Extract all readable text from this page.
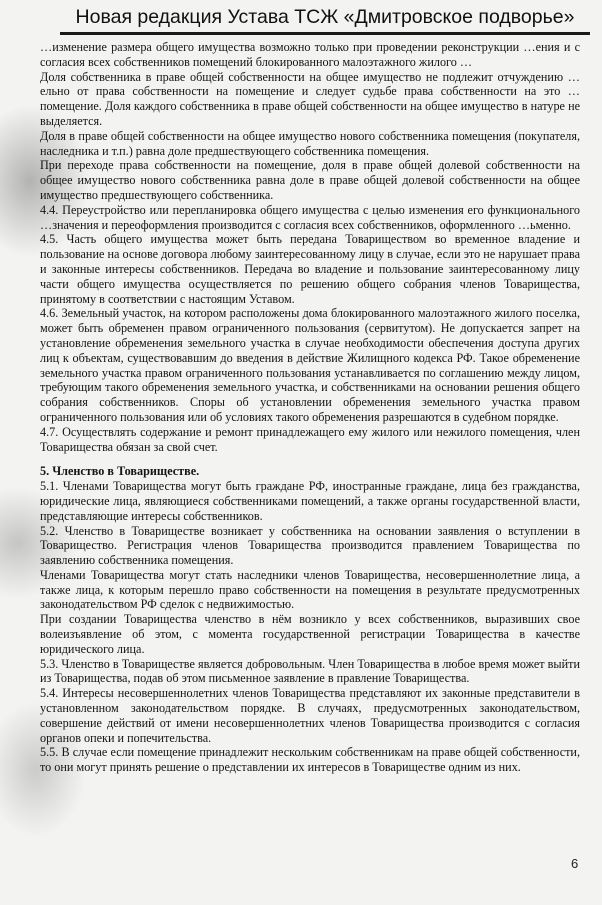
Новая редакция Устава ТСЖ «Дмитровское подворье»

…изменение размера общего имущества возможно только при проведении реконструкции …ения и с согласия всех собственников помещений блокированного малоэтажного жилого …

Доля собственника в праве общей собственности на общее имущество не подлежит отчуждению …ельно от права собственности на помещение и следует судьбе права собственности на это …помещение. Доля каждого собственника в праве общей собственности на общее имущество в натуре не выделяется.

Доля в праве общей собственности на общее имущество нового собственника помещения (покупателя, наследника и т.п.) равна доле предшествующего собственника помещения.

При переходе права собственности на помещение, доля в праве общей долевой собственности на общее имущество нового собственника равна доле в праве общей долевой собственности на общее имущество предшествующего собственника.

4.4. Переустройство или перепланировка общего имущества с целью изменения его функционального …значения и переоформления производится с согласия всех собственников, оформленного …ьменно.

4.5. Часть общего имущества может быть передана Товариществом во временное владение и пользование на основе договора любому заинтересованному лицу в случае, если это не нарушает права и законные интересы собственников. Передача во владение и пользование заинтересованному лицу части общего имущества осуществляется по решению общего собрания членов Товарищества, принятому в соответствии с настоящим Уставом.

4.6. Земельный участок, на котором расположены дома блокированного малоэтажного жилого поселка, может быть обременен правом ограниченного пользования (сервитутом). Не допускается запрет на установление обременения земельного участка в случае необходимости обеспечения доступа других лиц к объектам, существовавшим до введения в действие Жилищного кодекса РФ. Такое обременение земельного участка правом ограниченного пользования устанавливается по соглашению между лицом, требующим такого обременения земельного участка, и собственниками на основании решения общего собрания собственников. Споры об установлении обременения земельного участка правом ограниченного пользования или об условиях такого обременения разрешаются в судебном порядке.

4.7. Осуществлять содержание и ремонт принадлежащего ему жилого или нежилого помещения, член Товарищества обязан за свой счет.

5. Членство в Товариществе.

5.1. Членами Товарищества могут быть граждане РФ, иностранные граждане, лица без гражданства, юридические лица, являющиеся собственниками помещений, а также органы государственной власти, представляющие интересы собственников.

5.2. Членство в Товариществе возникает у собственника на основании заявления о вступлении в Товарищество. Регистрация членов Товарищества производится правлением Товарищества по заявлению собственника помещения.

Членами Товарищества могут стать наследники членов Товарищества, несовершеннолетние лица, а также лица, к которым перешло право собственности на помещения в результате предусмотренных законодательством РФ сделок с недвижимостью.

При создании Товарищества членство в нём возникло у всех собственников, выразивших свое волеизъявление об этом, с момента государственной регистрации Товарищества в качестве юридического лица.

5.3. Членство в Товариществе является добровольным. Член Товарищества в любое время может выйти из Товарищества, подав об этом письменное заявление в правление Товарищества.

5.4. Интересы несовершеннолетних членов Товарищества представляют их законные представители в установленном законодательством порядке. В случаях, предусмотренных законодательством, совершение действий от имени несовершеннолетних членов Товарищества производится с согласия органов опеки и попечительства.

5.5. В случае если помещение принадлежит нескольким собственникам на праве общей собственности, то они могут принять решение о представлении их интересов в Товариществе одним из них.

6
